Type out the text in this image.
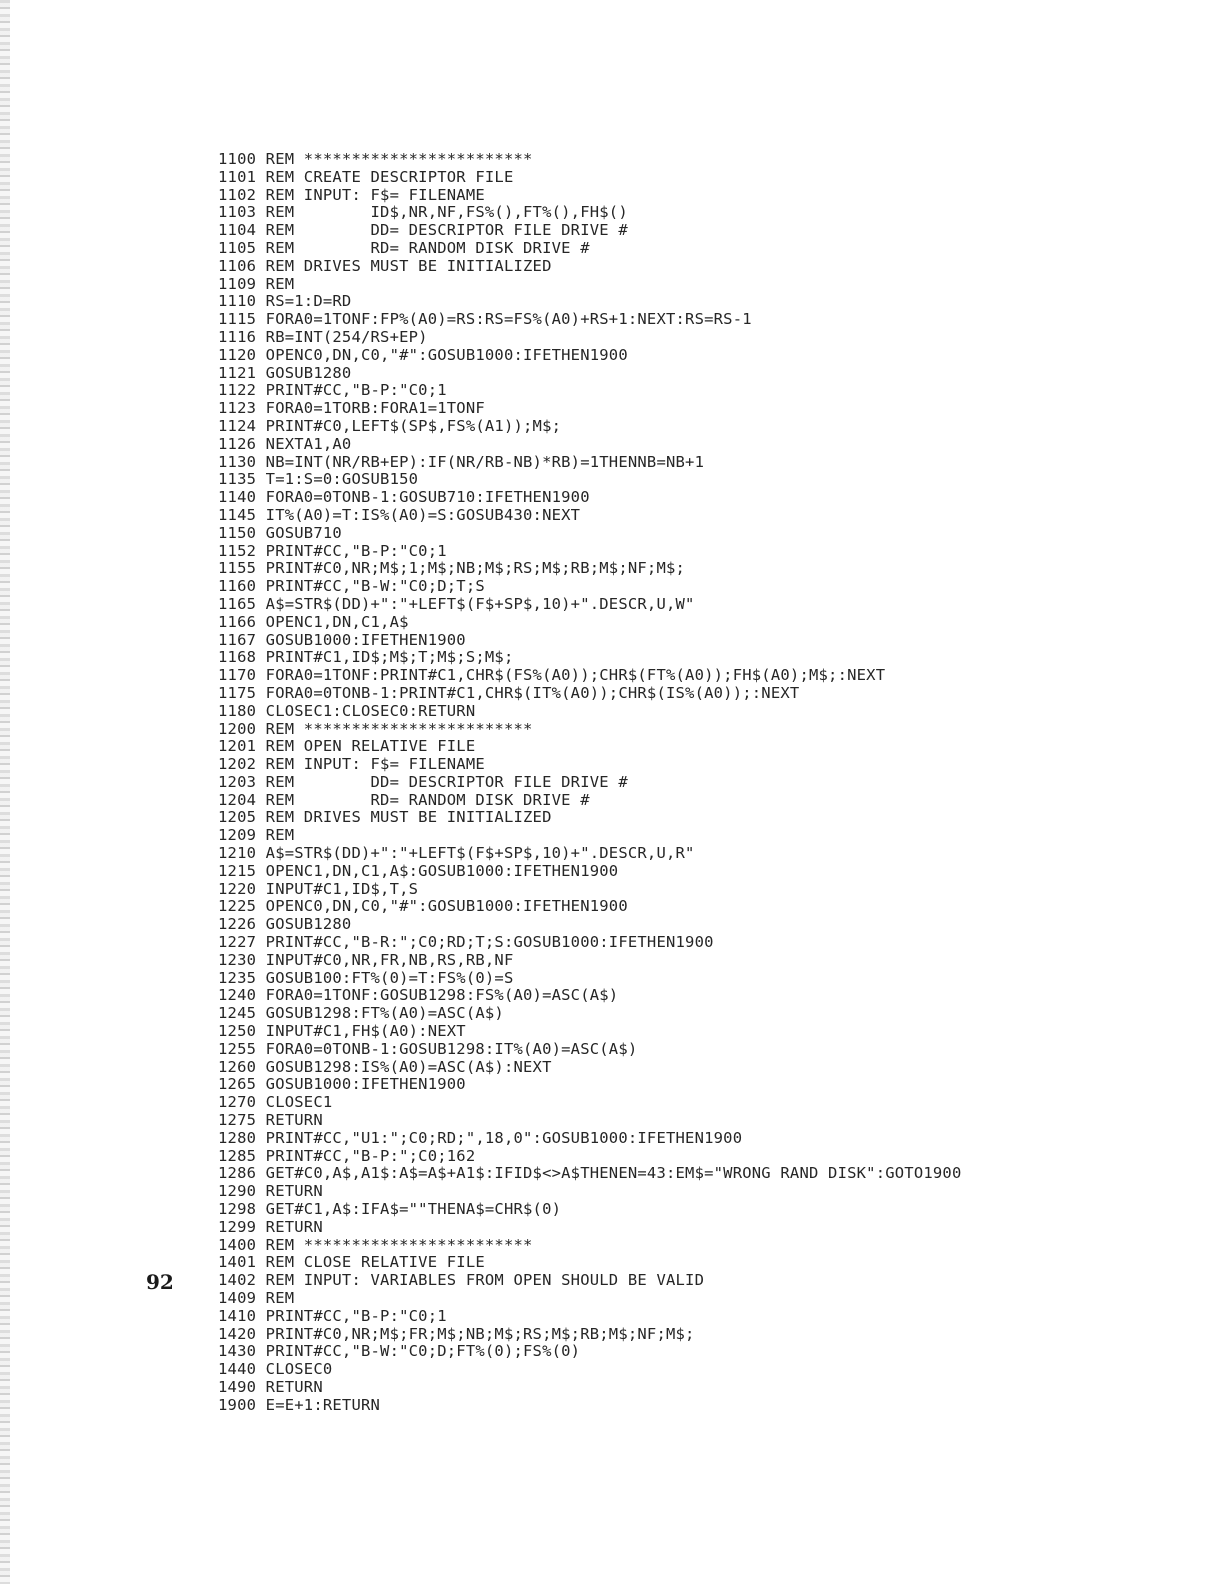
1100 REM ************************
1101 REM CREATE DESCRIPTOR FILE
1102 REM INPUT: F$= FILENAME
1103 REM        ID$,NR,NF,FS%(),FT%(),FH$()
1104 REM        DD= DESCRIPTOR FILE DRIVE #
1105 REM        RD= RANDOM DISK DRIVE #
1106 REM DRIVES MUST BE INITIALIZED
1109 REM
1110 RS=1:D=RD
1115 FORA0=1TONF:FP%(A0)=RS:RS=FS%(A0)+RS+1:NEXT:RS=RS-1
1116 RB=INT(254/RS+EP)
1120 OPENC0,DN,C0,"#":GOSUB1000:IFETHEN1900
1121 GOSUB1280
1122 PRINT#CC,"B-P:"C0;1
1123 FORA0=1TORB:FORA1=1TONF
1124 PRINT#C0,LEFT$(SP$,FS%(A1));M$;
1126 NEXTA1,A0
1130 NB=INT(NR/RB+EP):IF(NR/RB-NB)*RB)=1THENNB=NB+1
1135 T=1:S=0:GOSUB150
1140 FORA0=0TONB-1:GOSUB710:IFETHEN1900
1145 IT%(A0)=T:IS%(A0)=S:GOSUB430:NEXT
1150 GOSUB710
1152 PRINT#CC,"B-P:"C0;1
1155 PRINT#C0,NR;M$;1;M$;NB;M$;RS;M$;RB;M$;NF;M$;
1160 PRINT#CC,"B-W:"C0;D;T;S
1165 A$=STR$(DD)+":"+LEFT$(F$+SP$,10)+".DESCR,U,W"
1166 OPENC1,DN,C1,A$
1167 GOSUB1000:IFETHEN1900
1168 PRINT#C1,ID$;M$;T;M$;S;M$;
1170 FORA0=1TONF:PRINT#C1,CHR$(FS%(A0));CHR$(FT%(A0));FH$(A0);M$;:NEXT
1175 FORA0=0TONB-1:PRINT#C1,CHR$(IT%(A0));CHR$(IS%(A0));:NEXT
1180 CLOSEC1:CLOSEC0:RETURN
1200 REM ************************
1201 REM OPEN RELATIVE FILE
1202 REM INPUT: F$= FILENAME
1203 REM        DD= DESCRIPTOR FILE DRIVE #
1204 REM        RD= RANDOM DISK DRIVE #
1205 REM DRIVES MUST BE INITIALIZED
1209 REM
1210 A$=STR$(DD)+":"+LEFT$(F$+SP$,10)+".DESCR,U,R"
1215 OPENC1,DN,C1,A$:GOSUB1000:IFETHEN1900
1220 INPUT#C1,ID$,T,S
1225 OPENC0,DN,C0,"#":GOSUB1000:IFETHEN1900
1226 GOSUB1280
1227 PRINT#CC,"B-R:";C0;RD;T;S:GOSUB1000:IFETHEN1900
1230 INPUT#C0,NR,FR,NB,RS,RB,NF
1235 GOSUB100:FT%(0)=T:FS%(0)=S
1240 FORA0=1TONF:GOSUB1298:FS%(A0)=ASC(A$)
1245 GOSUB1298:FT%(A0)=ASC(A$)
1250 INPUT#C1,FH$(A0):NEXT
1255 FORA0=0TONB-1:GOSUB1298:IT%(A0)=ASC(A$)
1260 GOSUB1298:IS%(A0)=ASC(A$):NEXT
1265 GOSUB1000:IFETHEN1900
1270 CLOSEC1
1275 RETURN
1280 PRINT#CC,"U1:";C0;RD;",18,0":GOSUB1000:IFETHEN1900
1285 PRINT#CC,"B-P:";C0;162
1286 GET#C0,A$,A1$:A$=A$+A1$:IFID$<>A$THENEN=43:EM$="WRONG RAND DISK":GOTO1900
1290 RETURN
1298 GET#C1,A$:IFA$=""THENA$=CHR$(0)
1299 RETURN
1400 REM ************************
1401 REM CLOSE RELATIVE FILE
1402 REM INPUT: VARIABLES FROM OPEN SHOULD BE VALID
1409 REM
1410 PRINT#CC,"B-P:"C0;1
1420 PRINT#C0,NR;M$;FR;M$;NB;M$;RS;M$;RB;M$;NF;M$;
1430 PRINT#CC,"B-W:"C0;D;FT%(0);FS%(0)
1440 CLOSEC0
1490 RETURN
1900 E=E+1:RETURN
92
